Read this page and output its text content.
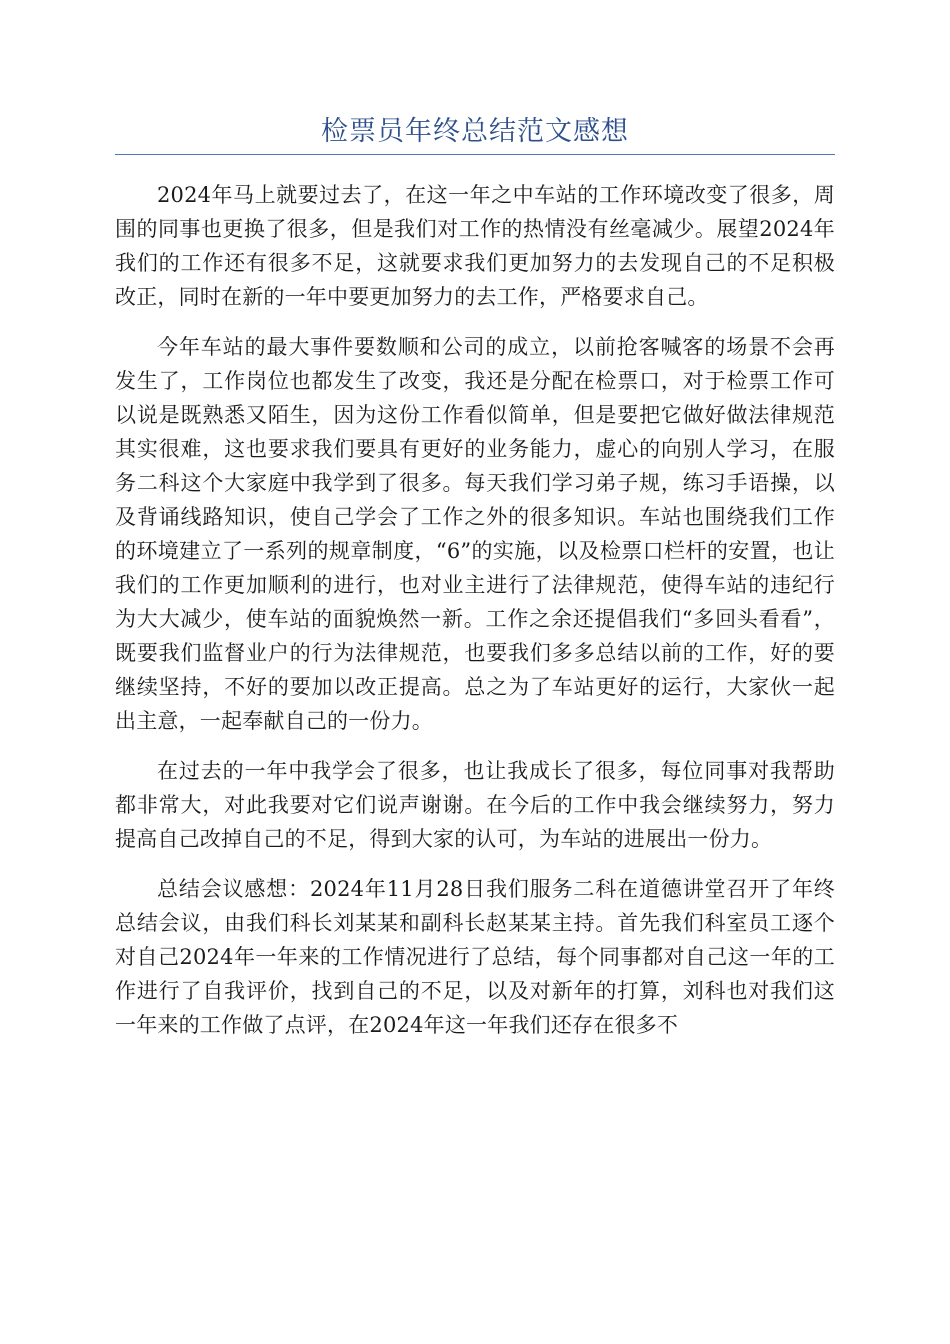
检票员年终总结范文感想

2024年马上就要过去了，在这一年之中车站的工作环境改变了很多，周围的同事也更换了很多，但是我们对工作的热情没有丝毫减少。展望2024年我们的工作还有很多不足，这就要求我们更加努力的去发现自己的不足积极改正，同时在新的一年中要更加努力的去工作，严格要求自己。

今年车站的最大事件要数顺和公司的成立，以前抢客喊客的场景不会再发生了，工作岗位也都发生了改变，我还是分配在检票口，对于检票工作可以说是既熟悉又陌生，因为这份工作看似简单，但是要把它做好做法律规范其实很难，这也要求我们要具有更好的业务能力，虚心的向别人学习，在服务二科这个大家庭中我学到了很多。每天我们学习弟子规，练习手语操，以及背诵线路知识，使自己学会了工作之外的很多知识。车站也围绕我们工作的环境建立了一系列的规章制度，“6”的实施，以及检票口栏杆的安置，也让我们的工作更加顺利的进行，也对业主进行了法律规范，使得车站的违纪行为大大减少，使车站的面貌焕然一新。工作之余还提倡我们“多回头看看”，既要我们监督业户的行为法律规范，也要我们多多总结以前的工作，好的要继续坚持，不好的要加以改正提高。总之为了车站更好的运行，大家伙一起出主意，一起奉献自己的一份力。

在过去的一年中我学会了很多，也让我成长了很多，每位同事对我帮助都非常大，对此我要对它们说声谢谢。在今后的工作中我会继续努力，努力提高自己改掉自己的不足，得到大家的认可，为车站的进展出一份力。

总结会议感想：2024年11月28日我们服务二科在道德讲堂召开了年终总结会议，由我们科长刘某某和副科长赵某某主持。首先我们科室员工逐个对自己2024年一年来的工作情况进行了总结，每个同事都对自己这一年的工作进行了自我评价，找到自己的不足，以及对新年的打算，刘科也对我们这一年来的工作做了点评，在2024年这一年我们还存在很多不
